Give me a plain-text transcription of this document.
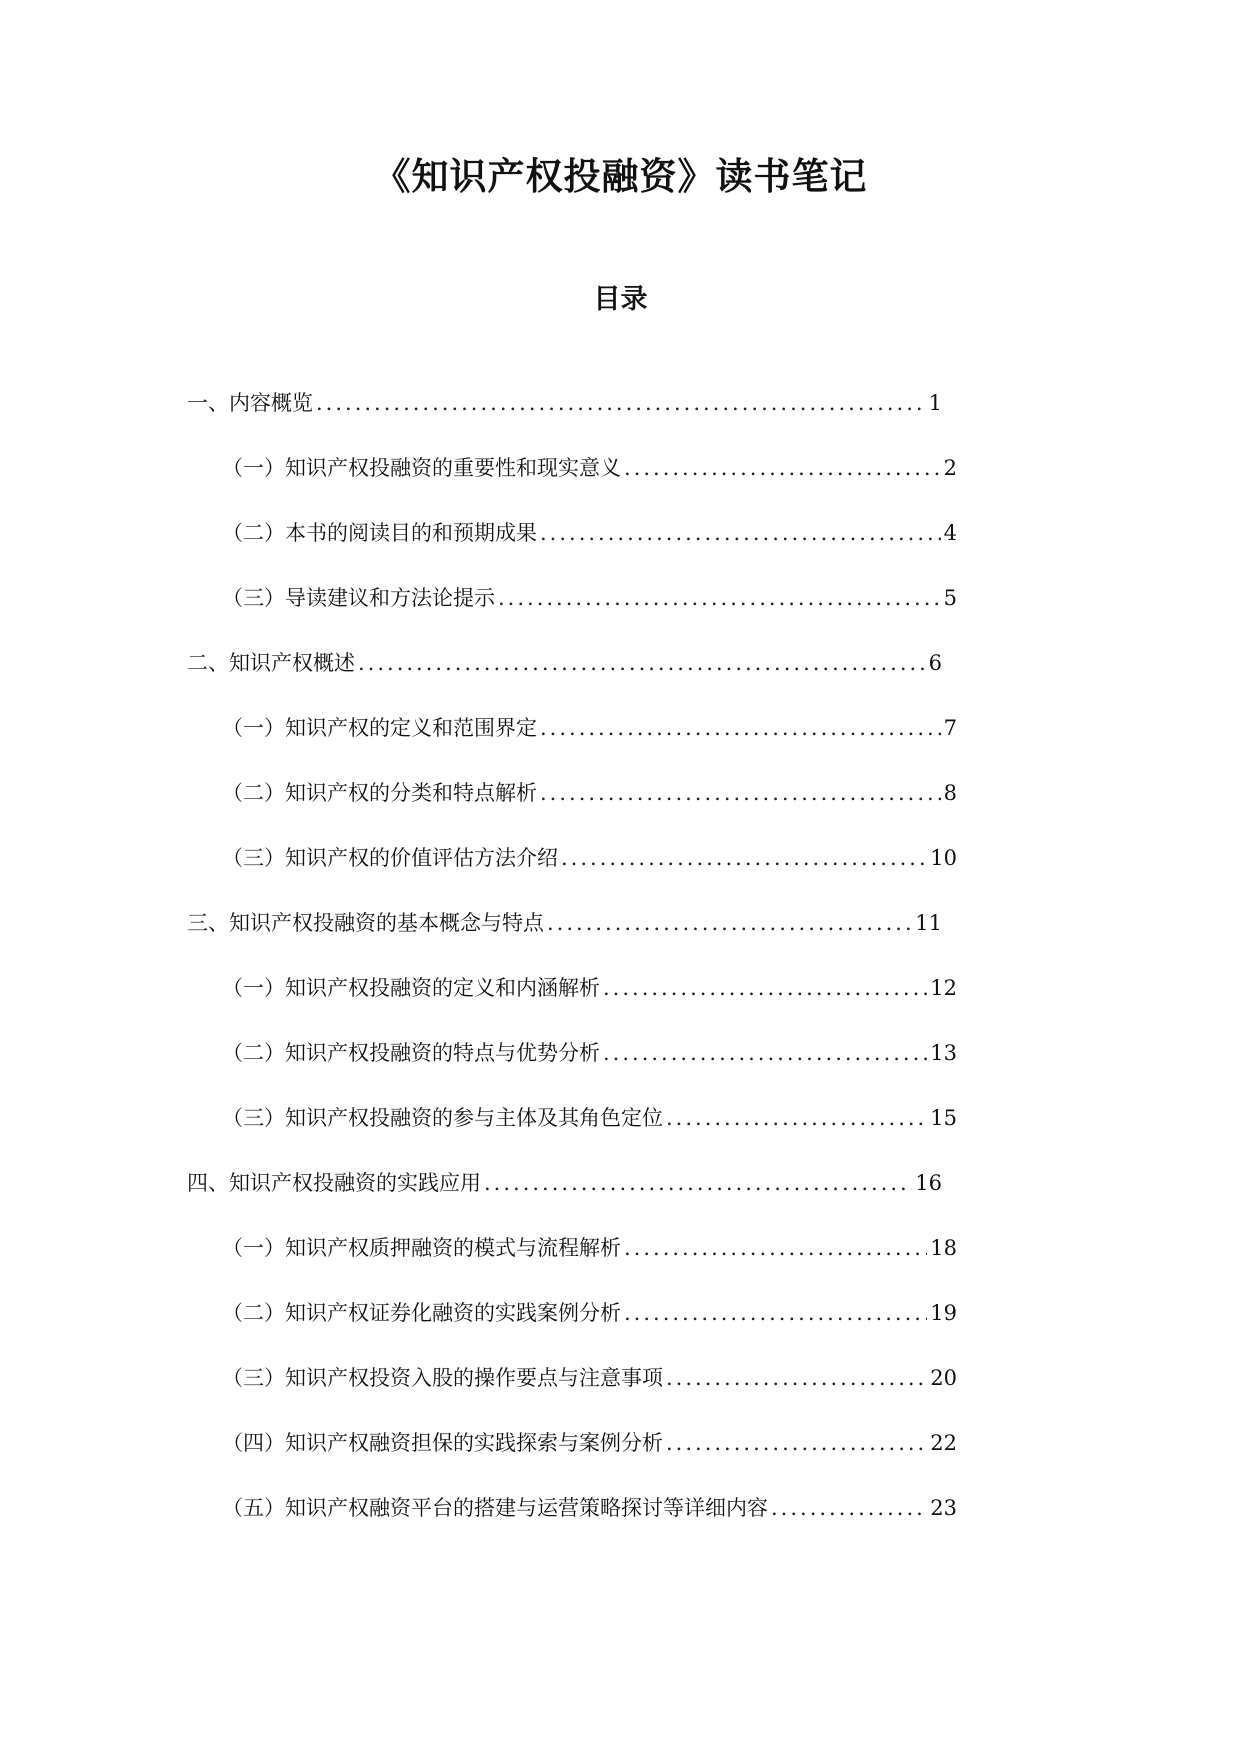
《知识产权投融资》读书笔记
目录
一、内容概览 .....	1
（一）知识产权投融资的重要性和现实意义 .....	2
（二）本书的阅读目的和预期成果 .....	4
（三）导读建议和方法论提示 .....	5
二、知识产权概述 .....	6
（一）知识产权的定义和范围界定 .....	7
（二）知识产权的分类和特点解析 .....	8
（三）知识产权的价值评估方法介绍 .....	10
三、知识产权投融资的基本概念与特点 .....	11
（一）知识产权投融资的定义和内涵解析 .....	12
（二）知识产权投融资的特点与优势分析 .....	13
（三）知识产权投融资的参与主体及其角色定位 .....	15
四、知识产权投融资的实践应用 .....	16
（一）知识产权质押融资的模式与流程解析 .....	18
（二）知识产权证券化融资的实践案例分析 .....	19
（三）知识产权投资入股的操作要点与注意事项 .....	20
（四）知识产权融资担保的实践探索与案例分析 .....	22
（五）知识产权融资平台的搭建与运营策略探讨等详细内容 .....	23
